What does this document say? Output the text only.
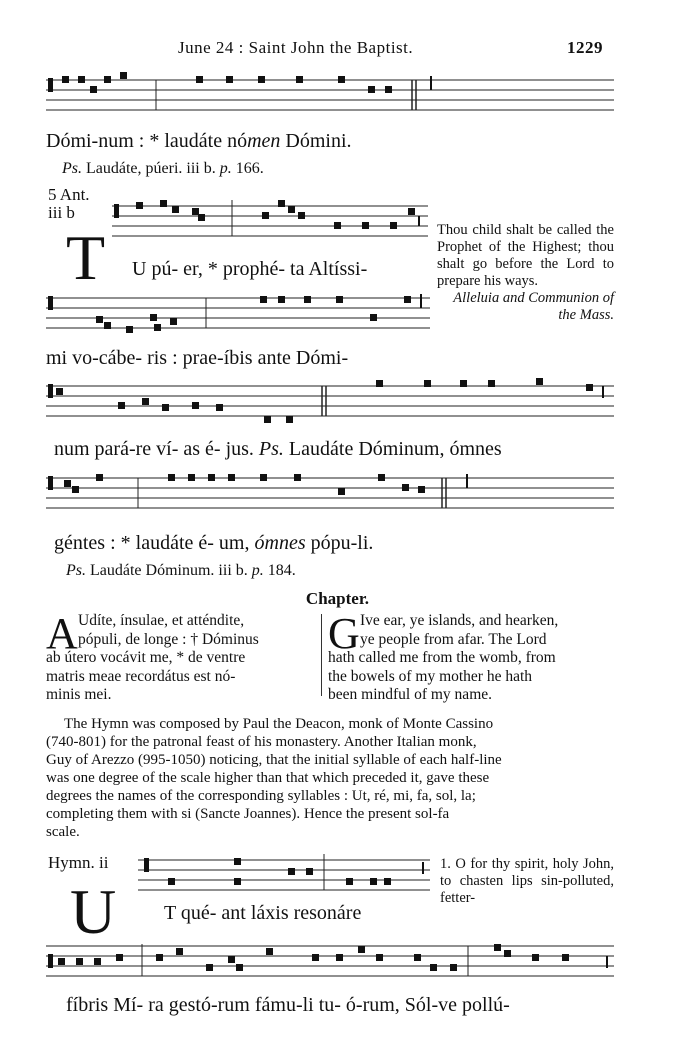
June 24 : Saint John the Baptist.	1229
Dómi-num : * laudáte nómen Dómini.
Ps. Laudáte, púeri. iii b. p. 166.
5 Ant.
iii b
T U pú- er, * prophé- ta Altíssi-
Thou child shalt be called the Prophet of the Highest; thou shalt go before the Lord to prepare his ways.

Alleluia and Communion of the Mass.
mi vo-cábe- ris : prae-íbis ante Dómi-
num pará-re ví- as é- jus. Ps. Laudáte Dóminum, ómnes
géntes : * laudáte é- um, ómnes pópu-li.
Ps. Laudáte Dóminum. iii b. p. 184.
Chapter.
A Udíte, ínsulae, et atténdite,
pópuli, de longe : † Dóminus
ab útero vocávit me, * de ventre
matris meae recordátus est nó-
minis mei.
G Ive ear, ye islands, and hearken,
ye people from afar. The Lord
hath called me from the womb, from
the bowels of my mother he hath
been mindful of my name.
The Hymn was composed by Paul the Deacon, monk of Monte Cassino
(740-801) for the patronal feast of his monastery. Another Italian monk,
Guy of Arezzo (995-1050) noticing, that the initial syllable of each half-line
was one degree of the scale higher than that which preceded it, gave these
degrees the names of the corresponding syllables : Ut, ré, mi, fa, sol, la;
completing them with si (Sancte Joannes). Hence the present sol-fa
scale.
Hymn. ii
U T qué- ant láxis resonáre
1. O for thy spirit, holy John, to chasten lips sin-polluted, fetter-
fíbris Mí- ra gestó-rum fámu-li tu- ó-rum, Sól-ve pollú-
